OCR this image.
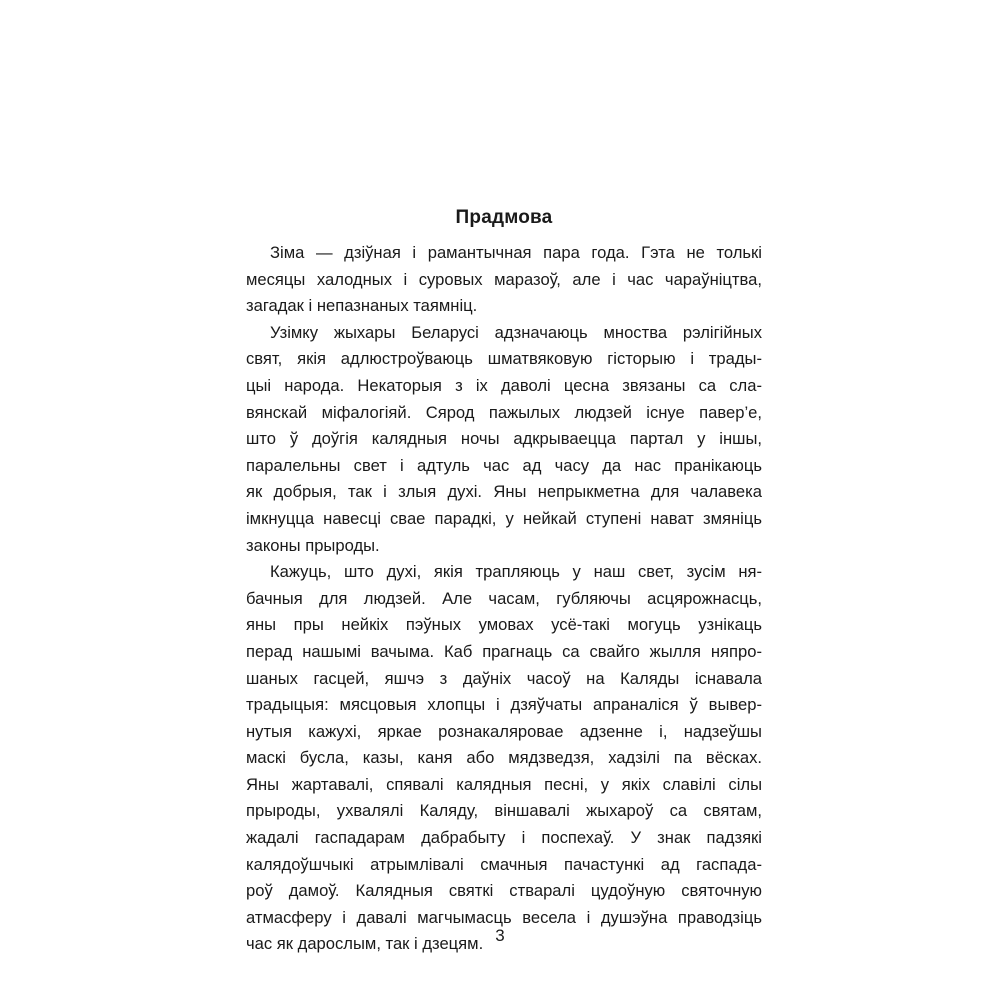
Прадмова
Зіма — дзіўная і рамантычная пара года. Гэта не толькі
месяцы халодных і суровых маразоў, але і час чараўніцтва,
загадак і непазнаных таямніц.
Узімку жыхары Беларусі адзначаюць мноства рэлігійных
свят, якія адлюстроўваюць шматвяковую гісторыю і трады-
цыі народа. Некаторыя з іх даволі цесна звязаны са сла-
вянскай міфалогіяй. Сярод пажылых людзей існуе павер’е,
што ў доўгія калядныя ночы адкрываецца партал у іншы,
паралельны свет і адтуль час ад часу да нас пранікаюць
як добрыя, так і злыя духі. Яны непрыкметна для чалавека
імкнуцца навесці свае парадкі, у нейкай ступені нават змяніць
законы прыроды.
Кажуць, што духі, якія трапляюць у наш свет, зусім ня-
бачныя для людзей. Але часам, губляючы асцярожнасць,
яны пры нейкіх пэўных умовах усё-такі могуць узнікаць
перад нашымі вачыма. Каб прагнаць са свайго жылля няпро-
шаных гасцей, яшчэ з даўніх часоў на Каляды існавала
традыцыя: мясцовыя хлопцы і дзяўчаты апраналіся ў вывер-
нутыя кажухі, яркае рознакаляровае адзенне і, надзеўшы
маскі бусла, казы, каня або мядзведзя, хадзілі па вёсках.
Яны жартавалі, спявалі калядныя песні, у якіх славілі сілы
прыроды, ухвалялі Каляду, віншавалі жыхароў са святам,
жадалі гаспадарам дабрабыту і поспехаў. У знак падзякі
калядоўшчыкі атрымлівалі смачныя пачастункі ад гаспада-
роў дамоў. Калядныя святкі стваралі цудоўную святочную
атмасферу і давалі магчымасць весела і душэўна праводзіць
час як дарослым, так і дзецям. 3
